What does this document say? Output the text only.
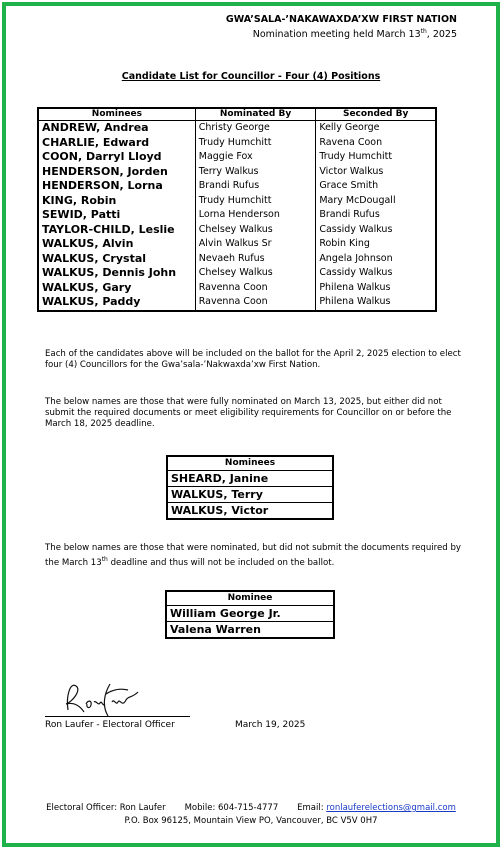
GWA’SALA-’NAKAWAXDA’XW FIRST NATION
Nomination meeting held March 13th, 2025
Candidate List for Councillor - Four (4) Positions
Nominees	Nominated By	Seconded By
ANDREW, Andrea	Christy George	Kelly George
CHARLIE, Edward	Trudy Humchitt	Ravena Coon
COON, Darryl Lloyd	Maggie Fox	Trudy Humchitt
HENDERSON, Jorden	Terry Walkus	Victor Walkus
HENDERSON, Lorna	Brandi Rufus	Grace Smith
KING, Robin	Trudy Humchitt	Mary McDougall
SEWID, Patti	Lorna Henderson	Brandi Rufus
TAYLOR-CHILD, Leslie	Chelsey Walkus	Cassidy Walkus
WALKUS, Alvin	Alvin Walkus Sr	Robin King
WALKUS, Crystal	Nevaeh Rufus	Angela Johnson
WALKUS, Dennis John	Chelsey Walkus	Cassidy Walkus
WALKUS, Gary	Ravenna Coon	Philena Walkus
WALKUS, Paddy	Ravenna Coon	Philena Walkus
Each of the candidates above will be included on the ballot for the April 2, 2025 election to elect four (4) Councillors for the Gwa’sala-’Nakwaxda’xw First Nation.
The below names are those that were fully nominated on March 13, 2025, but either did not submit the required documents or meet eligibility requirements for Councillor on or before the March 18, 2025 deadline.
Nominees
SHEARD, Janine
WALKUS, Terry
WALKUS, Victor
The below names are those that were nominated, but did not submit the documents required by the March 13th deadline and thus will not be included on the ballot.
Nominee
William George Jr.
Valena Warren
Ron Laufer - Electoral Officer	March 19, 2025
Electoral Officer: Ron Laufer Mobile: 604-715-4777 Email: ronlauferelections@gmail.com
P.O. Box 96125, Mountain View PO, Vancouver, BC V5V 0H7
